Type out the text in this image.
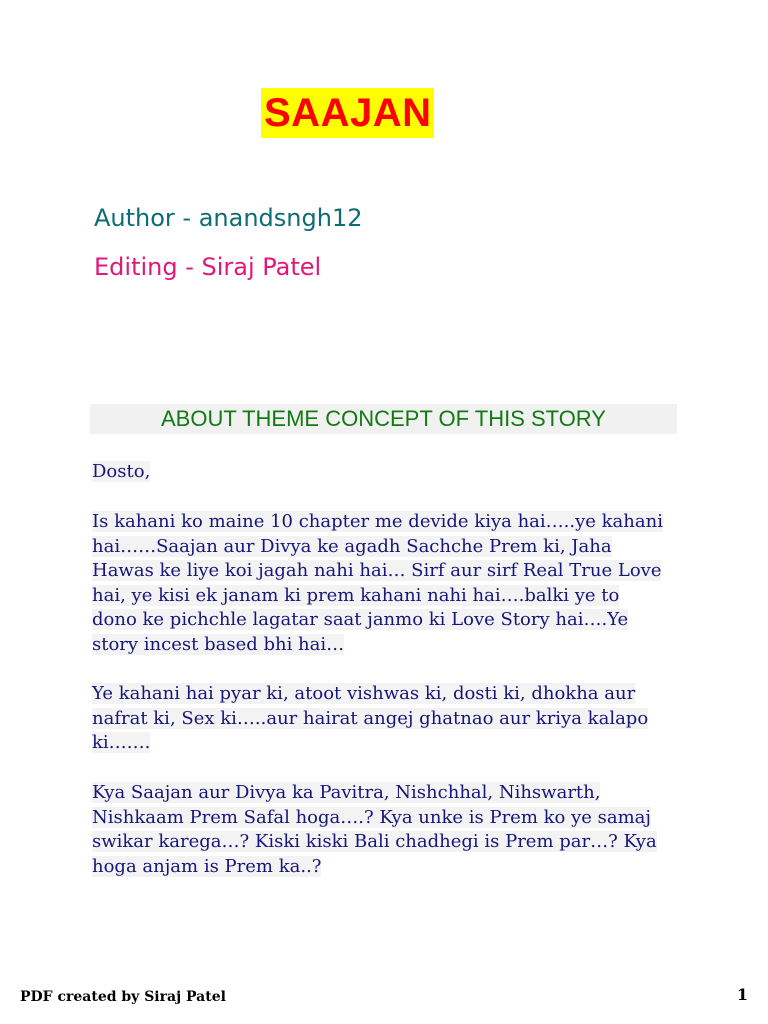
SAAJAN
Author - anandsngh12
Editing - Siraj Patel
ABOUT THEME CONCEPT OF THIS STORY
Dosto,
Is kahani ko maine 10 chapter me devide kiya hai…..ye kahani
hai……Saajan aur Divya ke agadh Sachche Prem ki, Jaha
Hawas ke liye koi jagah nahi hai… Sirf aur sirf Real True Love
hai, ye kisi ek janam ki prem kahani nahi hai….balki ye to
dono ke pichchle lagatar saat janmo ki Love Story hai….Ye
story incest based bhi hai…
Ye kahani hai pyar ki, atoot vishwas ki, dosti ki, dhokha aur
nafrat ki, Sex ki…..aur hairat angej ghatnao aur kriya kalapo
ki…….
Kya Saajan aur Divya ka Pavitra, Nishchhal, Nihswarth,
Nishkaam Prem Safal hoga….? Kya unke is Prem ko ye samaj
swikar karega…? Kiski kiski Bali chadhegi is Prem par…? Kya
hoga anjam is Prem ka..?
PDF created by Siraj Patel	1
